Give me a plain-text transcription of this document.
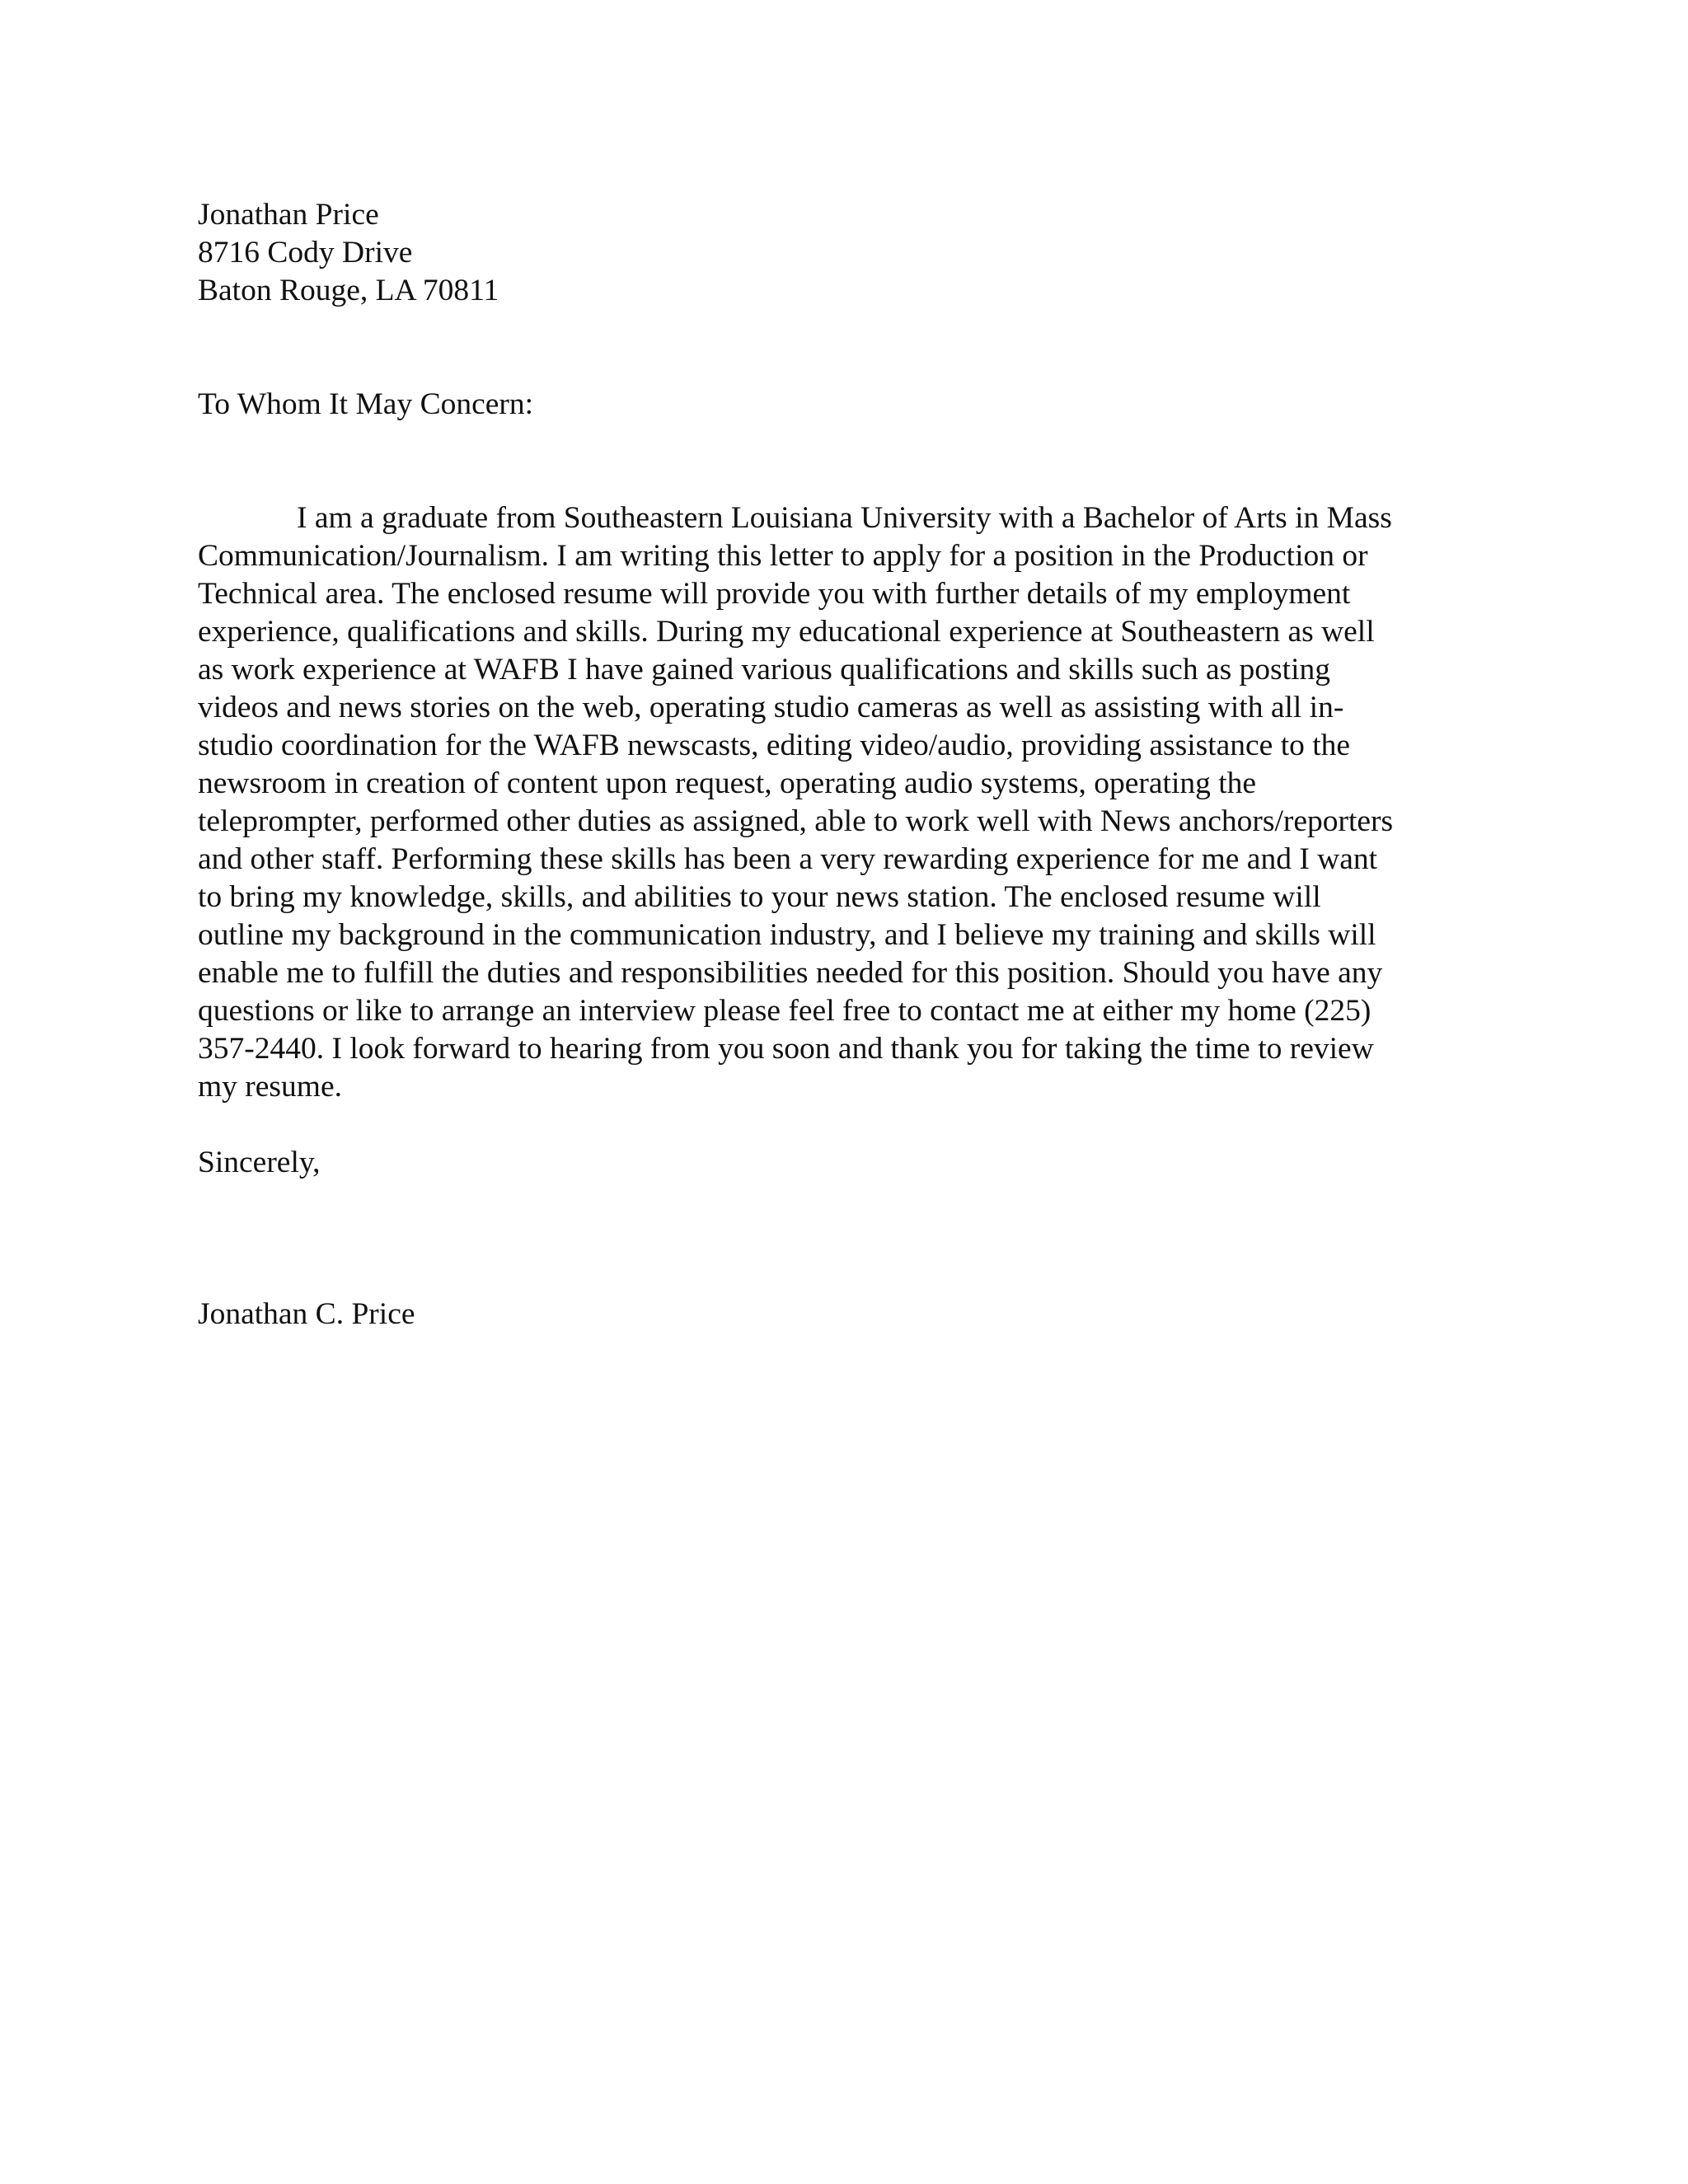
Jonathan Price
8716 Cody Drive
Baton Rouge, LA 70811
To Whom It May Concern:
I am a graduate from Southeastern Louisiana University with a Bachelor of Arts in Mass
Communication/Journalism. I am writing this letter to apply for a position in the Production or
Technical area. The enclosed resume will provide you with further details of my employment
experience, qualifications and skills. During my educational experience at Southeastern as well
as work experience at WAFB I have gained various qualifications and skills such as posting
videos and news stories on the web, operating studio cameras as well as assisting with all in-
studio coordination for the WAFB newscasts, editing video/audio, providing assistance to the
newsroom in creation of content upon request, operating audio systems, operating the
teleprompter, performed other duties as assigned, able to work well with News anchors/reporters
and other staff. Performing these skills has been a very rewarding experience for me and I want
to bring my knowledge, skills, and abilities to your news station. The enclosed resume will
outline my background in the communication industry, and I believe my training and skills will
enable me to fulfill the duties and responsibilities needed for this position. Should you have any
questions or like to arrange an interview please feel free to contact me at either my home (225)
357-2440. I look forward to hearing from you soon and thank you for taking the time to review
my resume.
Sincerely,
Jonathan C. Price
